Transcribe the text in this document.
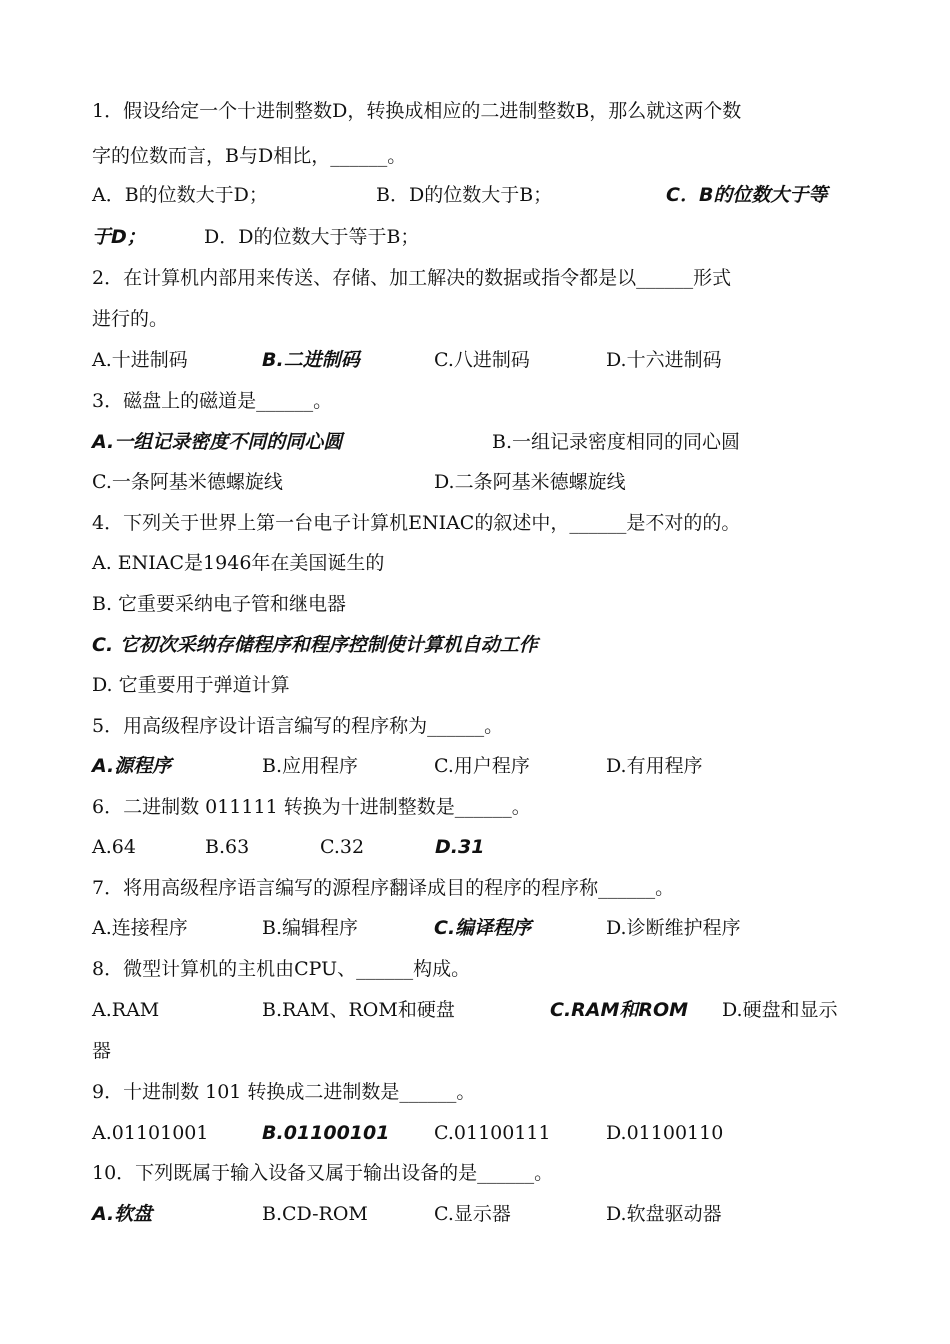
1．假设给定一个十进制整数D，转换成相应的二进制整数B，那么就这两个数
字的位数而言，B与D相比，______。
A．B的位数大于D；	B．D的位数大于B；	C．B的位数大于等
于D；	D．D的位数大于等于B；
2．在计算机内部用来传送、存储、加工解决的数据或指令都是以______形式
进行的。
A.十进制码	B.二进制码	C.八进制码	D.十六进制码
3．磁盘上的磁道是______。
A.一组记录密度不同的同心圆	B.一组记录密度相同的同心圆
C.一条阿基米德螺旋线	D.二条阿基米德螺旋线
4．下列关于世界上第一台电子计算机ENIAC的叙述中，______是不对的的。
A. ENIAC是1946年在美国诞生的
B. 它重要采纳电子管和继电器
C. 它初次采纳存储程序和程序控制使计算机自动工作
D. 它重要用于弹道计算
5．用高级程序设计语言编写的程序称为______。
A.源程序	B.应用程序	C.用户程序	D.有用程序
6．二进制数 011111 转换为十进制整数是______。
A.64	B.63	C.32	D.31
7．将用高级程序语言编写的源程序翻译成目的程序的程序称______。
A.连接程序	B.编辑程序	C.编译程序	D.诊断维护程序
8．微型计算机的主机由CPU、______构成。
A.RAM	B.RAM、ROM和硬盘	C.RAM和ROM D.硬盘和显示
器
9．十进制数 101 转换成二进制数是______。
A.01101001	B.01100101 C.01100111	D.01100110
10．下列既属于输入设备又属于输出设备的是______。
A.软盘	B.CD-ROM	C.显示器	D.软盘驱动器
